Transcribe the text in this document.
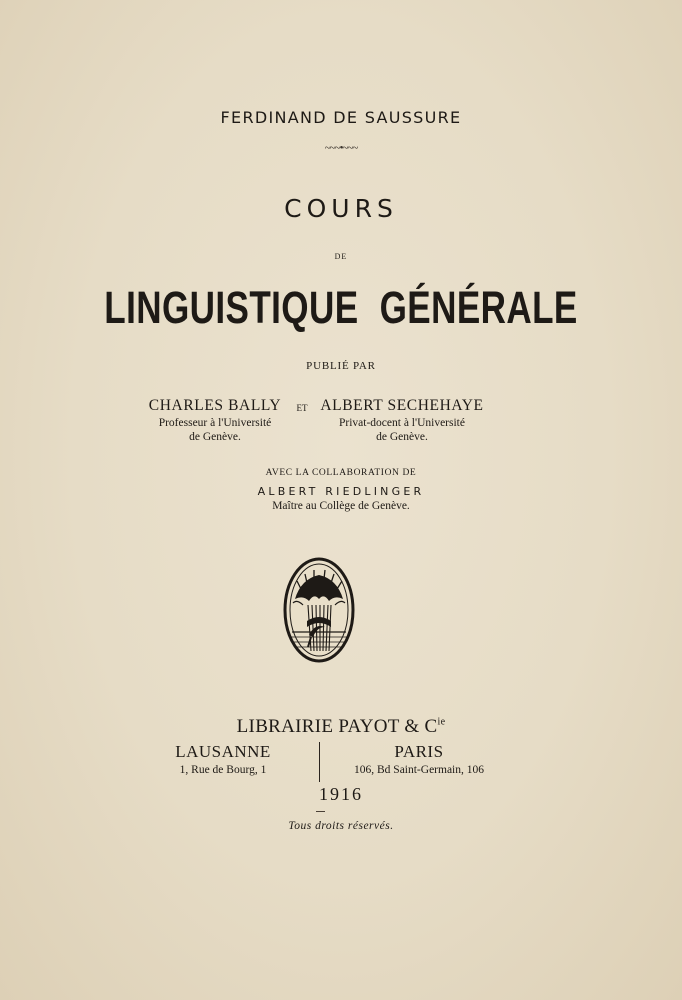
FERDINAND DE SAUSSURE
~~~•~~~
COURS
DE
LINGUISTIQUE GÉNÉRALE
PUBLIÉ PAR
CHARLES BALLY
Professeur à l'Université
de Genève.
ET ALBERT SECHEHAYE
Privat-docent à l'Université
de Genève.
AVEC LA COLLABORATION DE
ALBERT RIEDLINGER
Maître au Collège de Genève.
LIBRAIRIE PAYOT & $C^{ie}$
LAUSANNE
1, Rue de Bourg, 1
PARIS
106, Bd Saint-Germain, 106
1916
Tous droits réservés.
